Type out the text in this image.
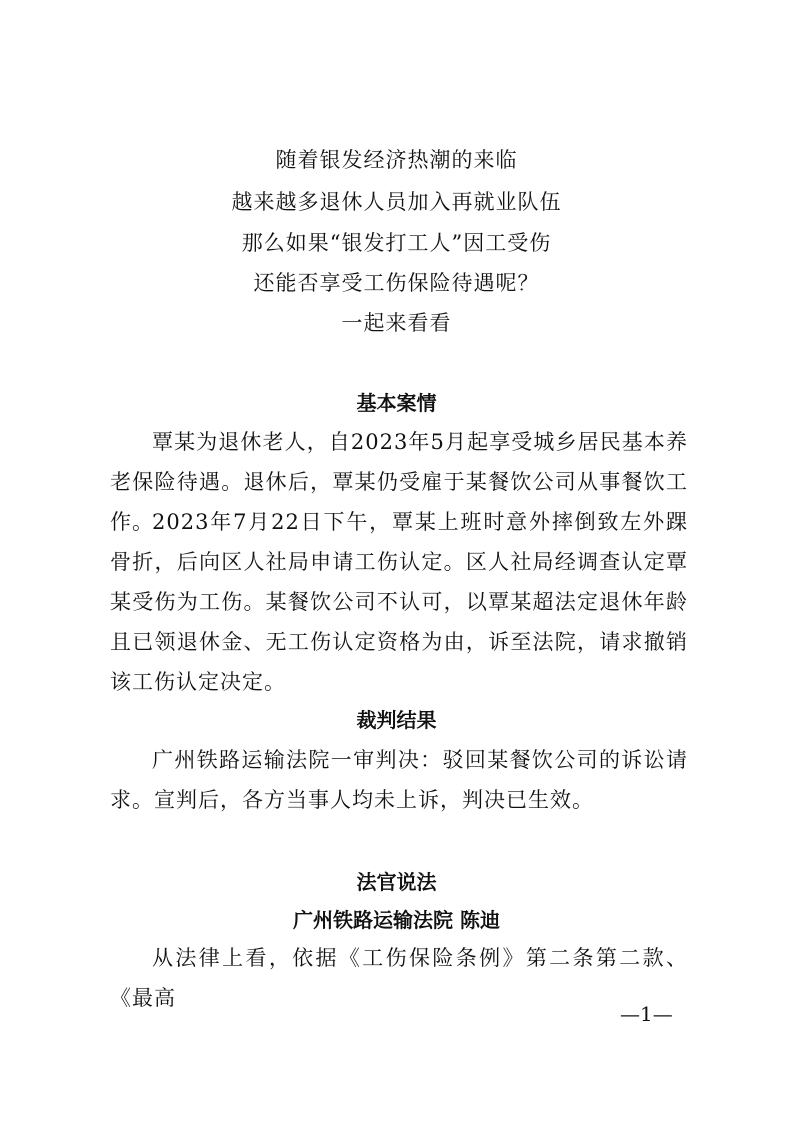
随着银发经济热潮的来临
越来越多退休人员加入再就业队伍
那么如果“银发打工人”因工受伤
还能否享受工伤保险待遇呢？
一起来看看
基本案情

覃某为退休老人，自2023年5月起享受城乡居民基本养老保险待遇。退休后，覃某仍受雇于某餐饮公司从事餐饮工作。

2023年7月22日下午，覃某上班时意外摔倒致左外踝骨折，后向区人社局申请工伤认定。区人社局经调查认定覃某受伤为工伤。某餐饮公司不认可，以覃某超法定退休年龄且已领退休金、无工伤认定资格为由，诉至法院，请求撤销该工伤认定决定。

裁判结果

广州铁路运输法院一审判决：驳回某餐饮公司的诉讼请求。宣判后，各方当事人均未上诉，判决已生效。

法官说法
广州铁路运输法院 陈迪

从法律上看，依据《工伤保险条例》第二条第二款、《最高

—1—
